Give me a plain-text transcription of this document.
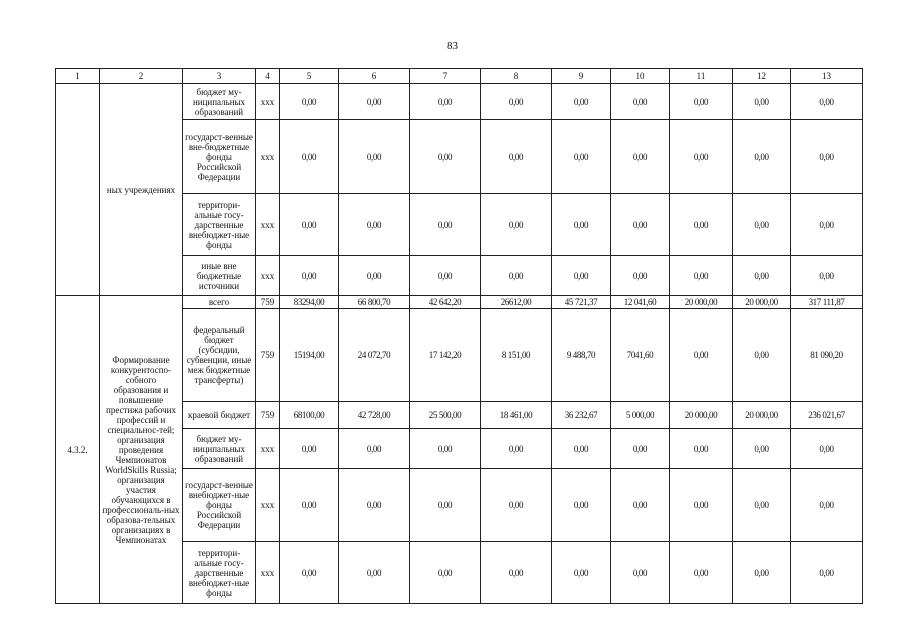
83
1	2	3	4	5	6	7	8	9	10	11	12	13
	ных учреждениях	бюджет му-ниципальных образований	ххх	0,00	0,00	0,00	0,00	0,00	0,00	0,00	0,00	0,00
		государст-венные вне-бюджетные фонды Российской Федерации	ххх	0,00	0,00	0,00	0,00	0,00	0,00	0,00	0,00	0,00
		территори-альные госу-дарственные внебюджет-ные фонды	ххх	0,00	0,00	0,00	0,00	0,00	0,00	0,00	0,00	0,00
		иные вне бюджетные источники	ххх	0,00	0,00	0,00	0,00	0,00	0,00	0,00	0,00	0,00
4.3.2.	Формирование конкурентоспо-собного образования и повышение престижа рабочих профессий и специальнос-тей; организация проведения Чемпионатов WorldSkills Russia; организация участия обучающихся в профессиональ-ных образова-тельных организациях в Чемпионатах	всего	759	83294,00	66 800,70	42 642,20	26612,00	45 721,37	12 041,60	20 000,00	20 000,00	317 111,87
		федеральный бюджет (субсидии, субвенции, иные меж бюджетные трансферты)	759	15194,00	24 072,70	17 142,20	8 151,00	9 488,70	7041,60	0,00	0,00	81 090,20
		краевой бюджет	759	68100,00	42 728,00	25 500,00	18 461,00	36 232,67	5 000,00	20 000,00	20 000,00	236 021,67
		бюджет му-ниципальных образований	ххх	0,00	0,00	0,00	0,00	0,00	0,00	0,00	0,00	0,00
		государст-венные внебюджет-ные фонды Российской Федерации	ххх	0,00	0,00	0,00	0,00	0,00	0,00	0,00	0,00	0,00
		территори-альные госу-дарственные внебюджет-ные фонды	ххх	0,00	0,00	0,00	0,00	0,00	0,00	0,00	0,00	0,00
